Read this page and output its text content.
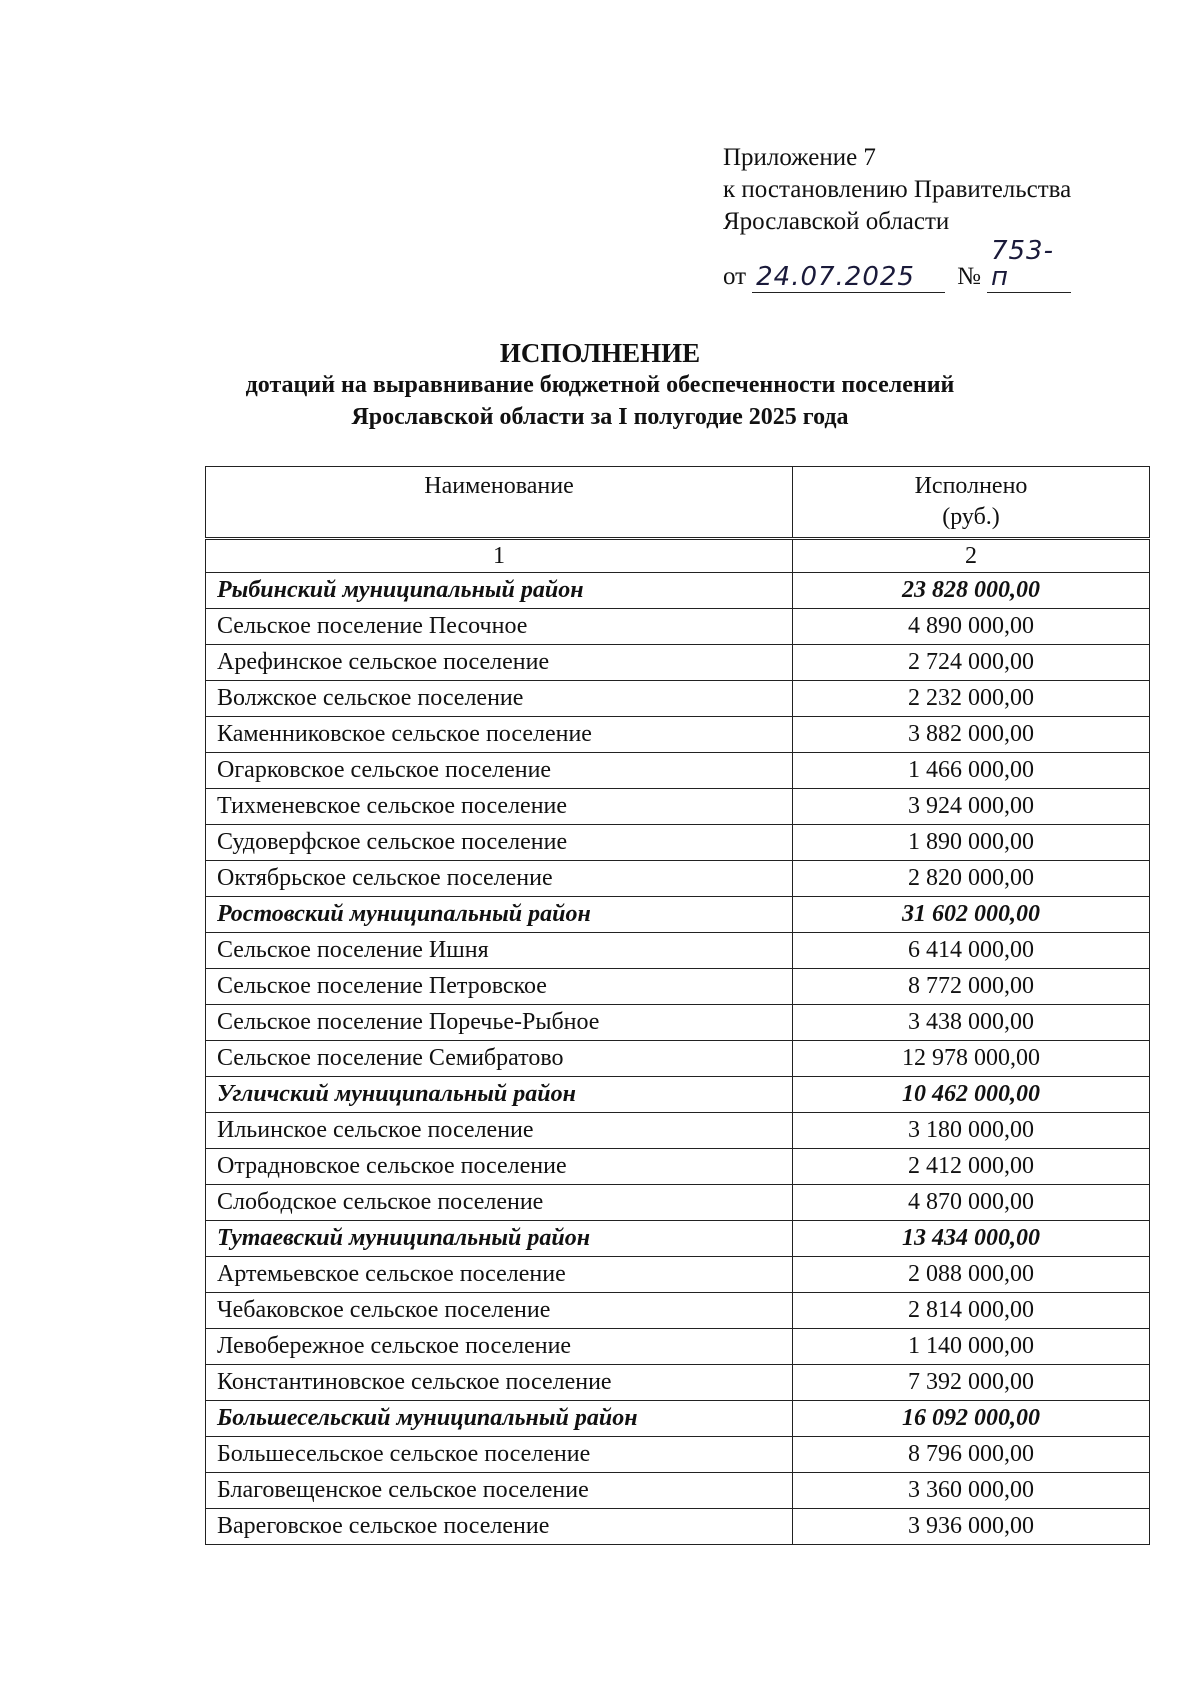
Приложение 7
к постановлению Правительства
Ярославской области
от 24.07.2025	№
753-п
ИСПОЛНЕНИЕ
дотаций на выравнивание бюджетной обеспеченности поселений
Ярославской области за I полугодие 2025 года
Наименование	Исполнено
(руб.)

1	2
Рыбинский муниципальный район	23 828 000,00
Сельское поселение Песочное	4 890 000,00
Арефинское сельское поселение	2 724 000,00
Волжское сельское поселение	2 232 000,00
Каменниковское сельское поселение	3 882 000,00
Огарковское сельское поселение	1 466 000,00
Тихменевское сельское поселение	3 924 000,00
Судоверфское сельское поселение	1 890 000,00
Октябрьское сельское поселение	2 820 000,00
Ростовский муниципальный район	31 602 000,00
Сельское поселение Ишня	6 414 000,00
Сельское поселение Петровское	8 772 000,00
Сельское поселение Поречье-Рыбное	3 438 000,00
Сельское поселение Семибратово	12 978 000,00
Угличский муниципальный район	10 462 000,00
Ильинское сельское поселение	3 180 000,00
Отрадновское сельское поселение	2 412 000,00
Слободское сельское поселение	4 870 000,00
Тутаевский муниципальный район	13 434 000,00
Артемьевское сельское поселение	2 088 000,00
Чебаковское сельское поселение	2 814 000,00
Левобережное сельское поселение	1 140 000,00
Константиновское сельское поселение	7 392 000,00
Большесельский муниципальный район	16 092 000,00
Большесельское сельское поселение	8 796 000,00
Благовещенское сельское поселение	3 360 000,00
Вареговское сельское поселение	3 936 000,00
